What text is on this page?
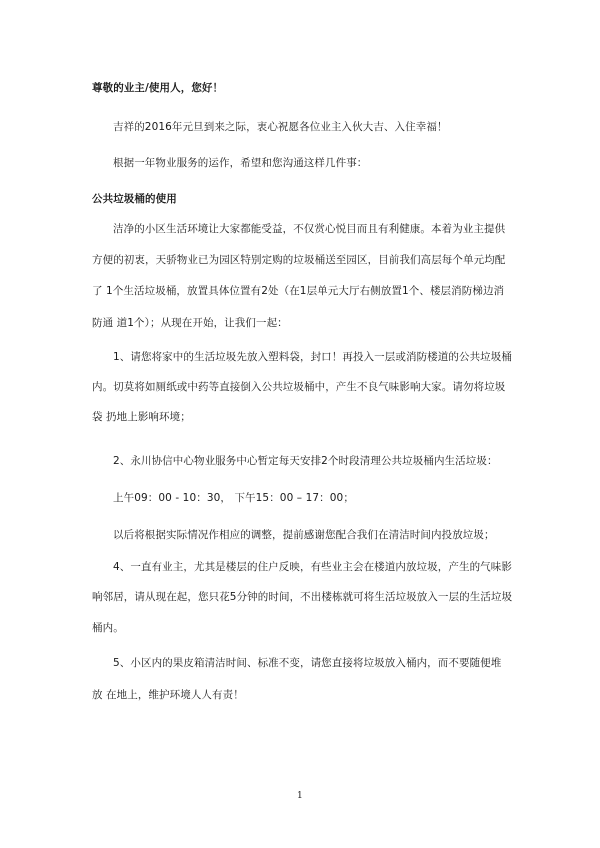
尊敬的业主/使用人，您好！
吉祥的2016年元旦到来之际，衷心祝愿各位业主入伙大吉、入住幸福！
根据一年物业服务的运作，希望和您沟通这样几件事：
公共垃圾桶的使用
洁净的小区生活环境让大家都能受益，不仅赏心悦目而且有利健康。本着为业主提供
方便的初衷，天骄物业已为园区特别定购的垃圾桶送至园区，目前我们高层每个单元均配
了 1个生活垃圾桶，放置具体位置有2处（在1层单元大厅右侧放置1个、楼层消防梯边消
防通 道1个）；从现在开始，让我们一起：
1、请您将家中的生活垃圾先放入塑料袋，封口！再投入一层或消防楼道的公共垃圾桶
内。切莫将如厕纸或中药等直接倒入公共垃圾桶中，产生不良气味影响大家。请勿将垃圾
袋 扔地上影响环境；
2、永川协信中心物业服务中心暂定每天安排2个时段清理公共垃圾桶内生活垃圾：
上午09：00 - 10：30， 下午15：00 – 17：00；
以后将根据实际情况作相应的调整，提前感谢您配合我们在清洁时间内投放垃圾；
4、一直有业主，尤其是楼层的住户反映，有些业主会在楼道内放垃圾，产生的气味影
响邻居，请从现在起，您只花5分钟的时间，不出楼栋就可将生活垃圾放入一层的生活垃圾
桶内。
5、小区内的果皮箱清洁时间、标准不变，请您直接将垃圾放入桶内，而不要随便堆
放 在地上，维护环境人人有责！
1
